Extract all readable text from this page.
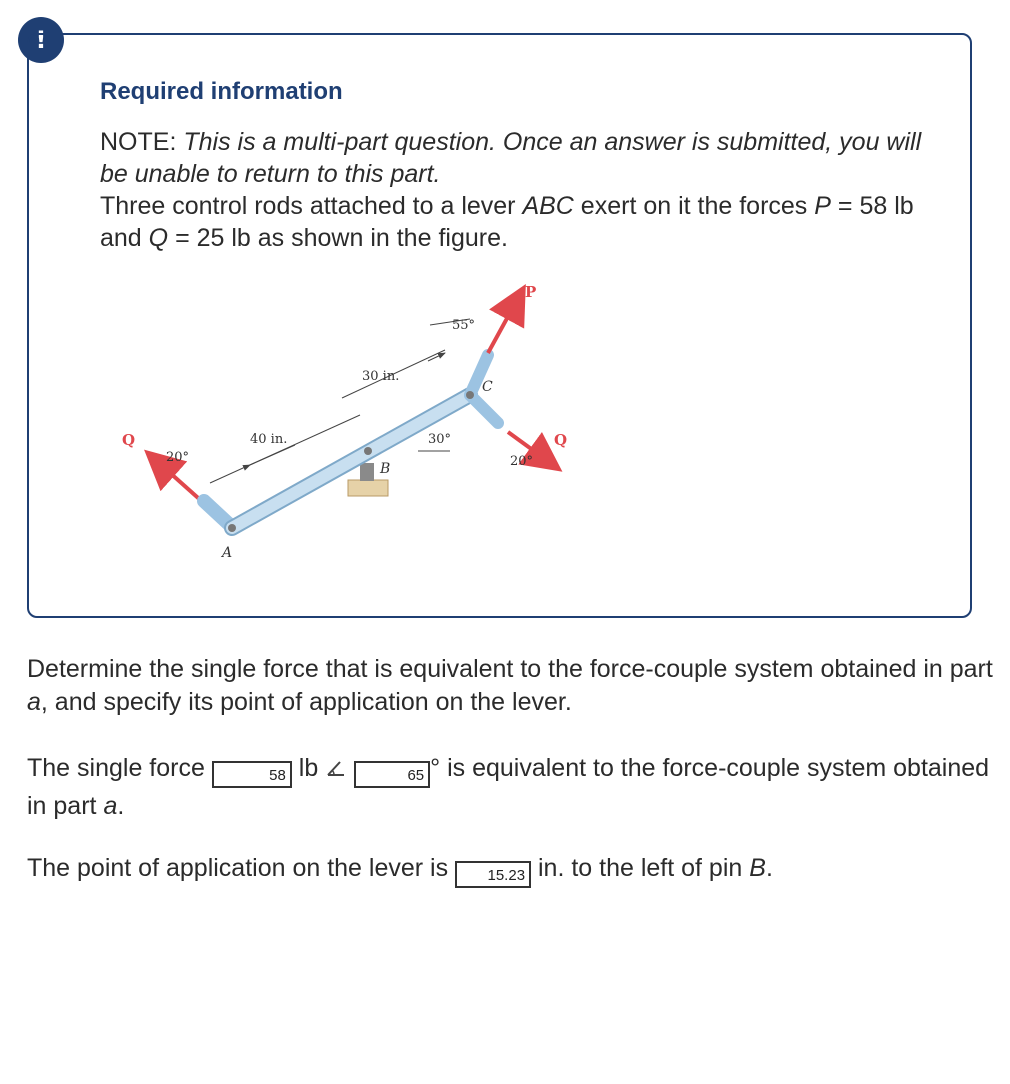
!
Required information

NOTE: This is a multi-part question. Once an answer is submitted, you will be unable to return to this part.
Three control rods attached to a lever ABC exert on it the forces P = 58 lb and Q = 25 lb as shown in the figure.

P
Q	Q
A
B
C
40 in.
30 in.
55°
30°
20°	20°

Determine the single force that is equivalent to the force-couple system obtained in part a, and specify its point of application on the lever.

The single force	58 lb	65 ° is equivalent to the force-couple system obtained in part a.

The point of application on the lever is 15.23 in. to the left of pin B.
